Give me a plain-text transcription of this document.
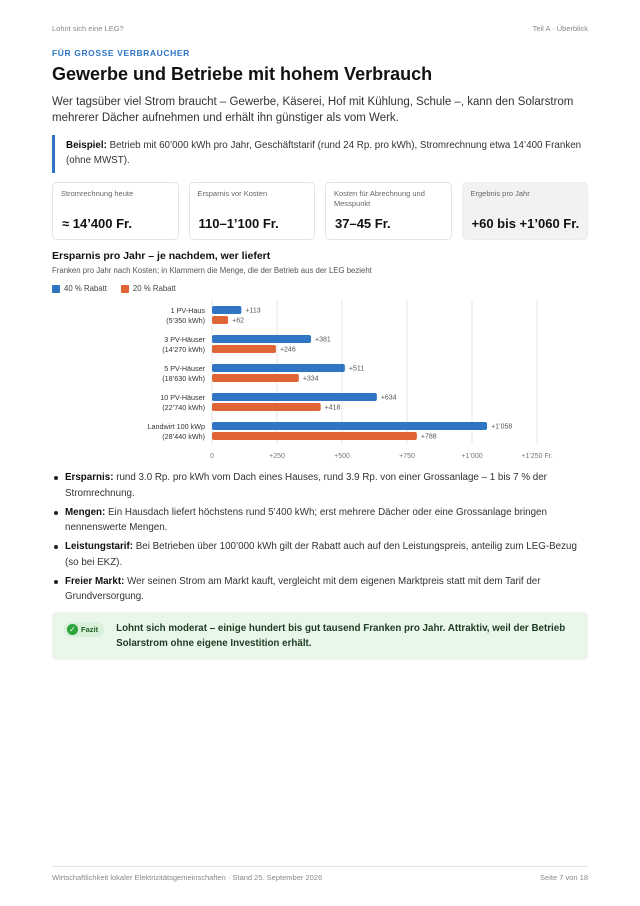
Lohnt sich eine LEG?	Teil A · Überblick
FÜR GROSSE VERBRAUCHER
Gewerbe und Betriebe mit hohem Verbrauch

Wer tagsüber viel Strom braucht – Gewerbe, Käserei, Hof mit Kühlung, Schule –, kann den Solarstrom mehrerer Dächer aufnehmen und erhält ihn günstiger als vom Werk.

Beispiel: Betrieb mit 60’000 kWh pro Jahr, Geschäftstarif (rund 24 Rp. pro kWh), Stromrechnung etwa 14’400 Franken (ohne MWST).
Stromrechnung heute
≈ 14’400 Fr.
Ersparnis vor Kosten
110–1’100 Fr.
Kosten für Abrechnung und Messpunkt
37–45 Fr.
Ergebnis pro Jahr
+60 bis +1’060 Fr.
Ersparnis pro Jahr – je nachdem, wer liefert
Franken pro Jahr nach Kosten; in Klammern die Menge, die der Betrieb aus der LEG bezieht
40 % Rabatt	20 % Rabatt
0	+250	+500	+750	+1’000	+1’250 Fr.
1 PV-Haus
(5’350 kWh)
+113
+62
3 PV-Häuser
(14’270 kWh)
+381
+246
5 PV-Häuser
(18’630 kWh)
+511
+334
10 PV-Häuser
(22’740 kWh)
+634
+418
Landwirt 100 kWp
(28’440 kWh)
+1’058
+788
Ersparnis: rund 3.0 Rp. pro kWh vom Dach eines Hauses, rund 3.9 Rp. von einer Grossanlage – 1 bis 7 % der Stromrechnung.
Mengen: Ein Hausdach liefert höchstens rund 5’400 kWh; erst mehrere Dächer oder eine Grossanlage bringen nennenswerte Mengen.
Leistungstarif: Bei Betrieben über 100’000 kWh gilt der Rabatt auch auf den Leistungspreis, anteilig zum LEG-Bezug (so bei EKZ).
Freier Markt: Wer seinen Strom am Markt kauft, vergleicht mit dem eigenen Marktpreis statt mit dem Tarif der Grundversorgung.
✓ Fazit Lohnt sich moderat – einige hundert bis gut tausend Franken pro Jahr. Attraktiv, weil der Betrieb Solarstrom ohne eigene Investition erhält.
Wirtschaftlichkeit lokaler Elektrizitätsgemeinschaften · Stand 25. September 2026	Seite 7 von 18
